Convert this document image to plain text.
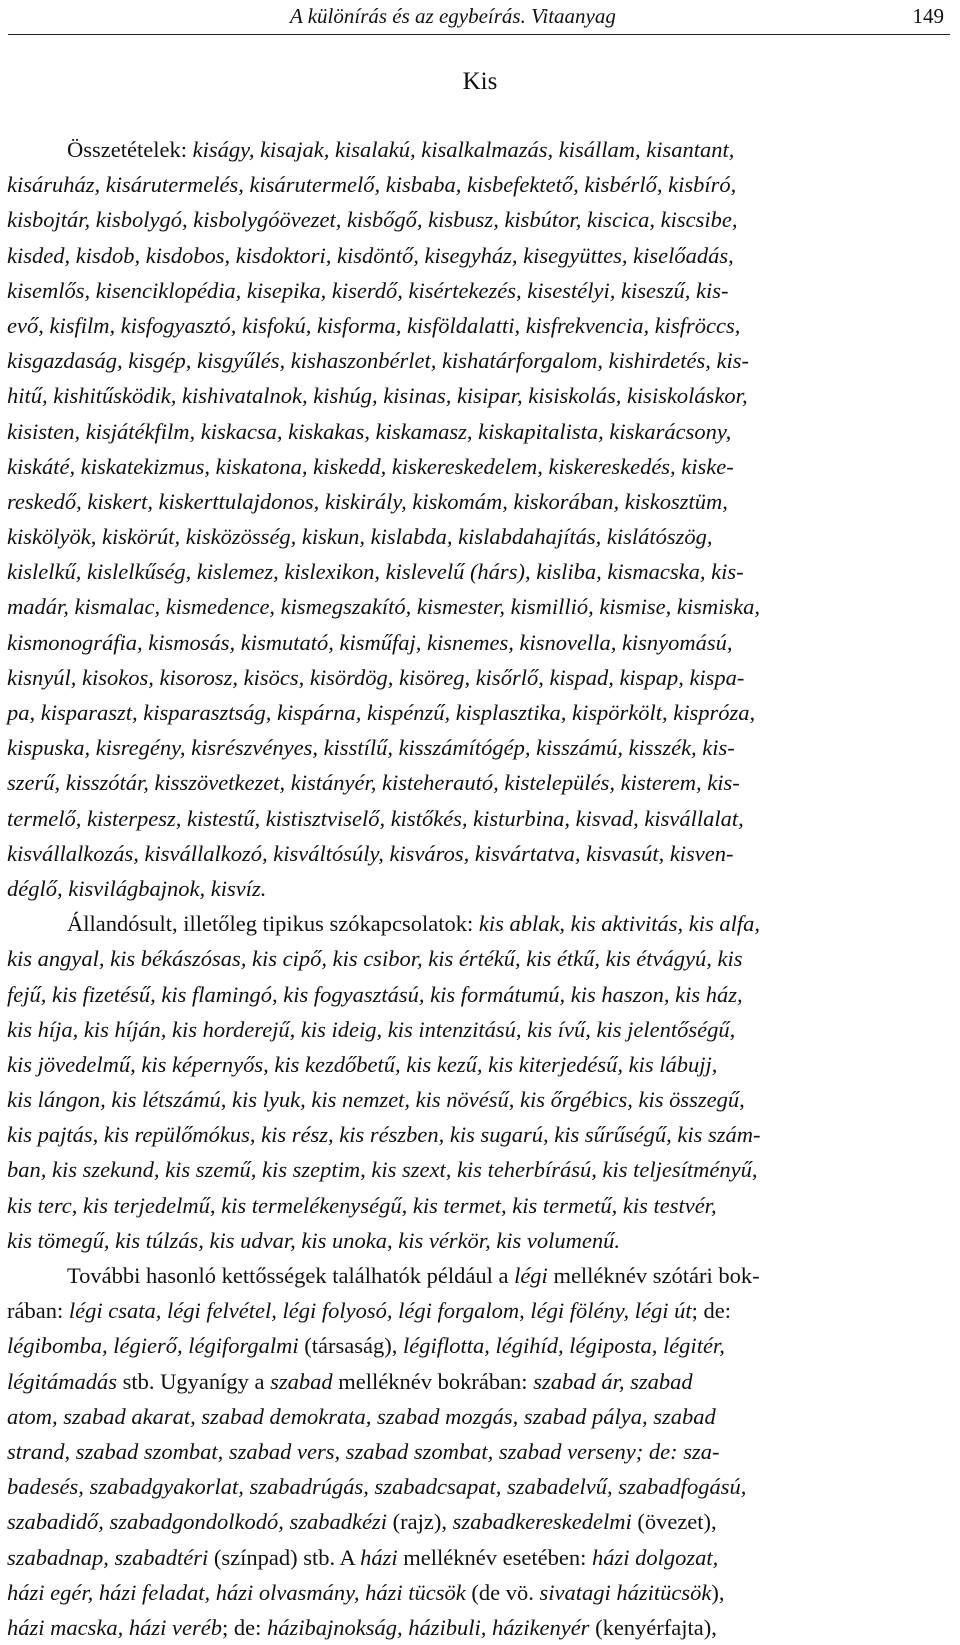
A különírás és az egybeírás. Vitaanyag	149
Kis
Összetételek: kiságy, kisajak, kisalakú, kisalkalmazás, kisállam, kisantant,
kisáruház, kisárutermelés, kisárutermelő, kisbaba, kisbefektető, kisbérlő, kisbíró,
kisbojtár, kisbolygó, kisbolygóövezet, kisbőgő, kisbusz, kisbútor, kiscica, kiscsibe,
kisded, kisdob, kisdobos, kisdoktori, kisdöntő, kisegyház, kisegyüttes, kiselőadás,
kisemlős, kisenciklopédia, kisepika, kiserdő, kisértekezés, kisestélyi, kiseszű, kis-
evő, kisfilm, kisfogyasztó, kisfokú, kisforma, kisföldalatti, kisfrekvencia, kisfröccs,
kisgazdaság, kisgép, kisgyűlés, kishaszonbérlet, kishatárforgalom, kishirdetés, kis-
hitű, kishitűsködik, kishivatalnok, kishúg, kisinas, kisipar, kisiskolás, kisiskoláskor,
kisisten, kisjátékfilm, kiskacsa, kiskakas, kiskamasz, kiskapitalista, kiskarácsony,
kiskáté, kiskatekizmus, kiskatona, kiskedd, kiskereskedelem, kiskereskedés, kiske-
reskedő, kiskert, kiskerttulajdonos, kiskirály, kiskomám, kiskorában, kiskosztüm,
kiskölyök, kiskörút, kisközösség, kiskun, kislabda, kislabdahajítás, kislátószög,
kislelkű, kislelkűség, kislemez, kislexikon, kislevelű (hárs), kisliba, kismacska, kis-
madár, kismalac, kismedence, kismegszakító, kismester, kismillió, kismise, kismiska,
kismonográfia, kismosás, kismutató, kisműfaj, kisnemes, kisnovella, kisnyomású,
kisnyúl, kisokos, kisorosz, kisöcs, kisördög, kisöreg, kisőrlő, kispad, kispap, kispa-
pa, kisparaszt, kisparasztság, kispárna, kispénzű, kisplasztika, kispörkölt, kispróza,
kispuska, kisregény, kisrészvényes, kisstílű, kisszámítógép, kisszámú, kisszék, kis-
szerű, kisszótár, kisszövetkezet, kistányér, kisteherautó, kistelepülés, kisterem, kis-
termelő, kisterpesz, kistestű, kistisztviselő, kistőkés, kisturbina, kisvad, kisvállalat,
kisvállalkozás, kisvállalkozó, kisváltósúly, kisváros, kisvártatva, kisvasút, kisven-
déglő, kisvilágbajnok, kisvíz.
Állandósult, illetőleg tipikus szókapcsolatok: kis ablak, kis aktivitás, kis alfa,
kis angyal, kis békászósas, kis cipő, kis csibor, kis értékű, kis étkű, kis étvágyú, kis
fejű, kis fizetésű, kis flamingó, kis fogyasztású, kis formátumú, kis haszon, kis ház,
kis híja, kis híján, kis horderejű, kis ideig, kis intenzitású, kis ívű, kis jelentőségű,
kis jövedelmű, kis képernyős, kis kezdőbetű, kis kezű, kis kiterjedésű, kis lábujj,
kis lángon, kis létszámú, kis lyuk, kis nemzet, kis növésű, kis őrgébics, kis összegű,
kis pajtás, kis repülőmókus, kis rész, kis részben, kis sugarú, kis sűrűségű, kis szám-
ban, kis szekund, kis szemű, kis szeptim, kis szext, kis teherbírású, kis teljesítményű,
kis terc, kis terjedelmű, kis termelékenységű, kis termet, kis termetű, kis testvér,
kis tömegű, kis túlzás, kis udvar, kis unoka, kis vérkör, kis volumenű.
További hasonló kettősségek találhatók például a légi melléknév szótári bok-
rában: légi csata, légi felvétel, légi folyosó, légi forgalom, légi fölény, légi út; de:
légibomba, légierő, légiforgalmi (társaság), légiflotta, légihíd, légiposta, légitér,
légitámadás stb. Ugyanígy a szabad melléknév bokrában: szabad ár, szabad
atom, szabad akarat, szabad demokrata, szabad mozgás, szabad pálya, szabad
strand, szabad szombat, szabad vers, szabad szombat, szabad verseny; de: sza-
badesés, szabadgyakorlat, szabadrúgás, szabadcsapat, szabadelvű, szabadfogású,
szabadidő, szabadgondolkodó, szabadkézi (rajz), szabadkereskedelmi (övezet),
szabadnap, szabadtéri (színpad) stb. A házi melléknév esetében: házi dolgozat,
házi egér, házi feladat, házi olvasmány, házi tücsök (de vö. sivatagi házitücsök),
házi macska, házi veréb; de: házibajnokság, házibuli, házikenyér (kenyérfajta),
